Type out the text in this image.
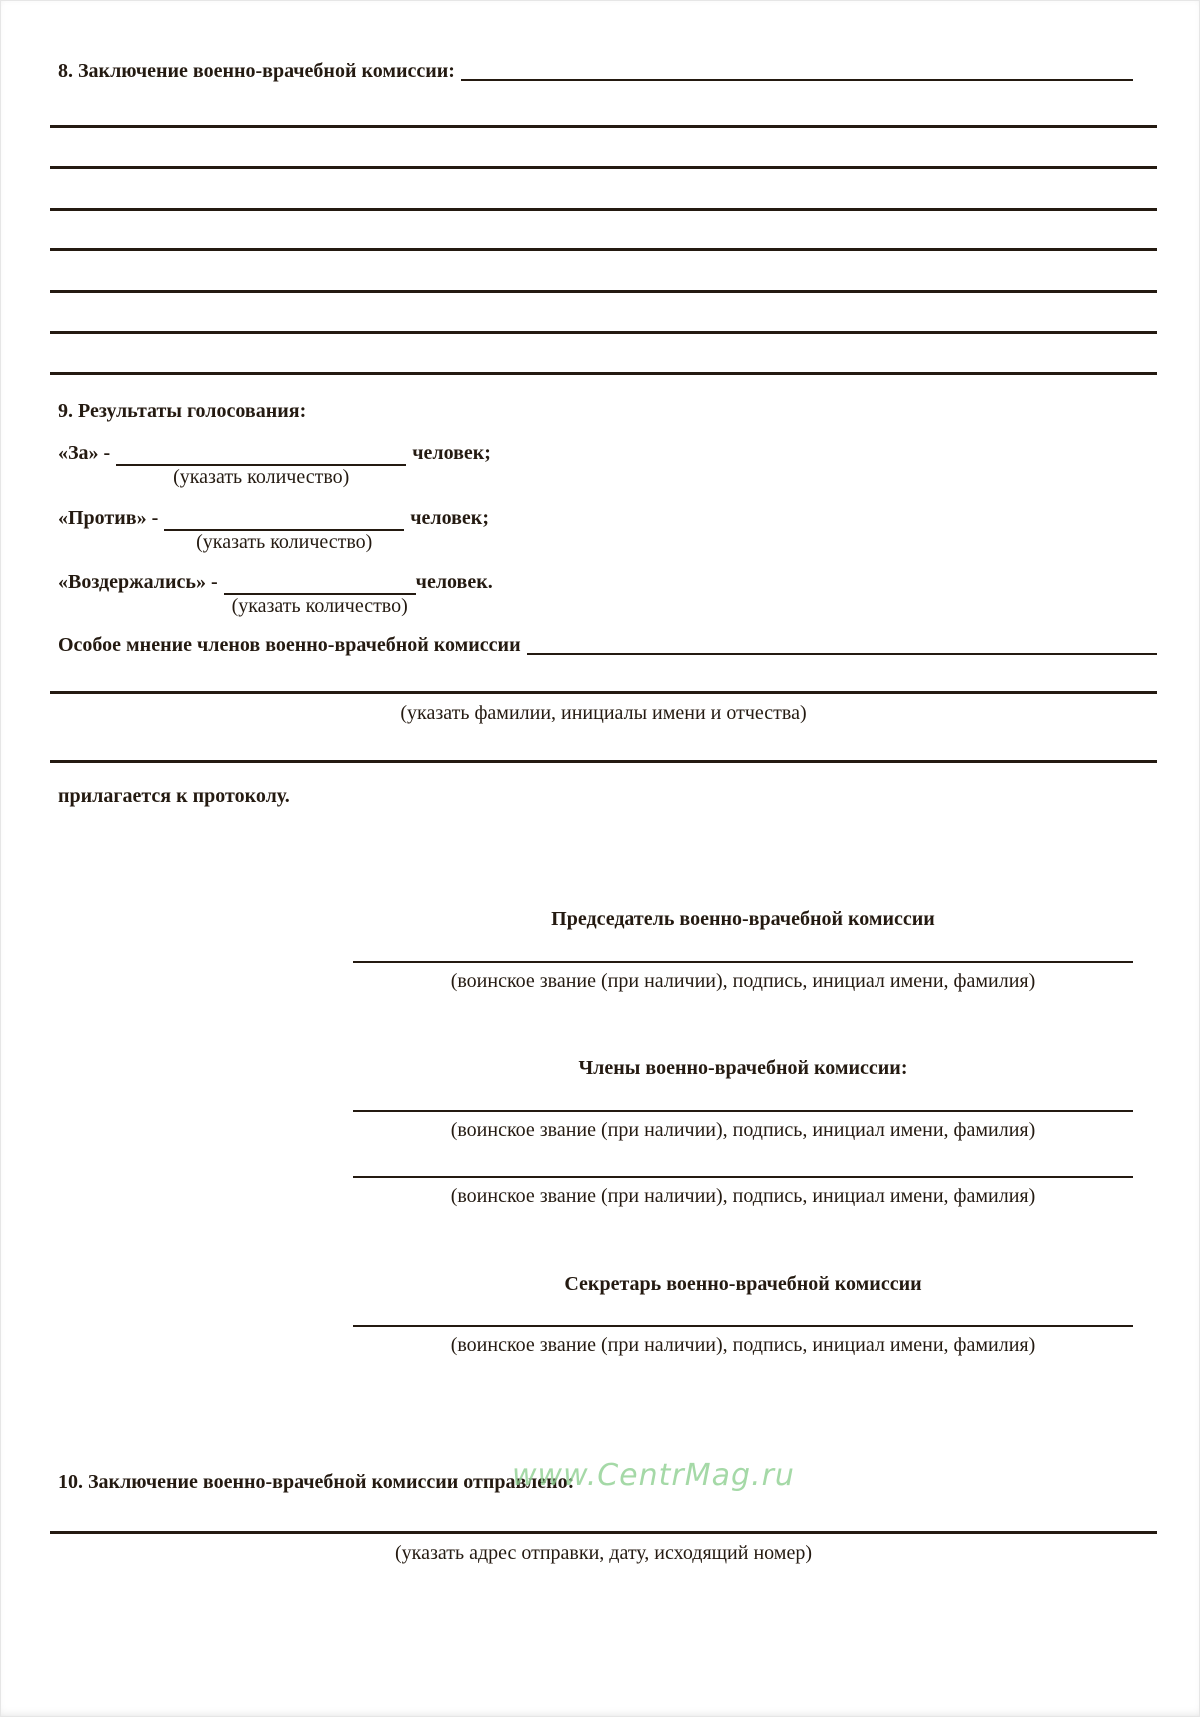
8. Заключение военно-врачебной комиссии:
9. Результаты голосования:
«За» -
(указать количество)
человек;
«Против» -
(указать количество)
человек;
«Воздержались» -
(указать количество)
человек.
Особое мнение членов военно-врачебной комиссии
(указать фамилии, инициалы имени и отчества)
прилагается к протоколу.
Председатель военно-врачебной комиссии
(воинское звание (при наличии), подпись, инициал имени, фамилия)
Члены военно-врачебной комиссии:
(воинское звание (при наличии), подпись, инициал имени, фамилия)
(воинское звание (при наличии), подпись, инициал имени, фамилия)
Секретарь военно-врачебной комиссии
(воинское звание (при наличии), подпись, инициал имени, фамилия)
10. Заключение военно-врачебной комиссии отправлено:
www.CentrMag.ru
(указать адрес отправки, дату, исходящий номер)
